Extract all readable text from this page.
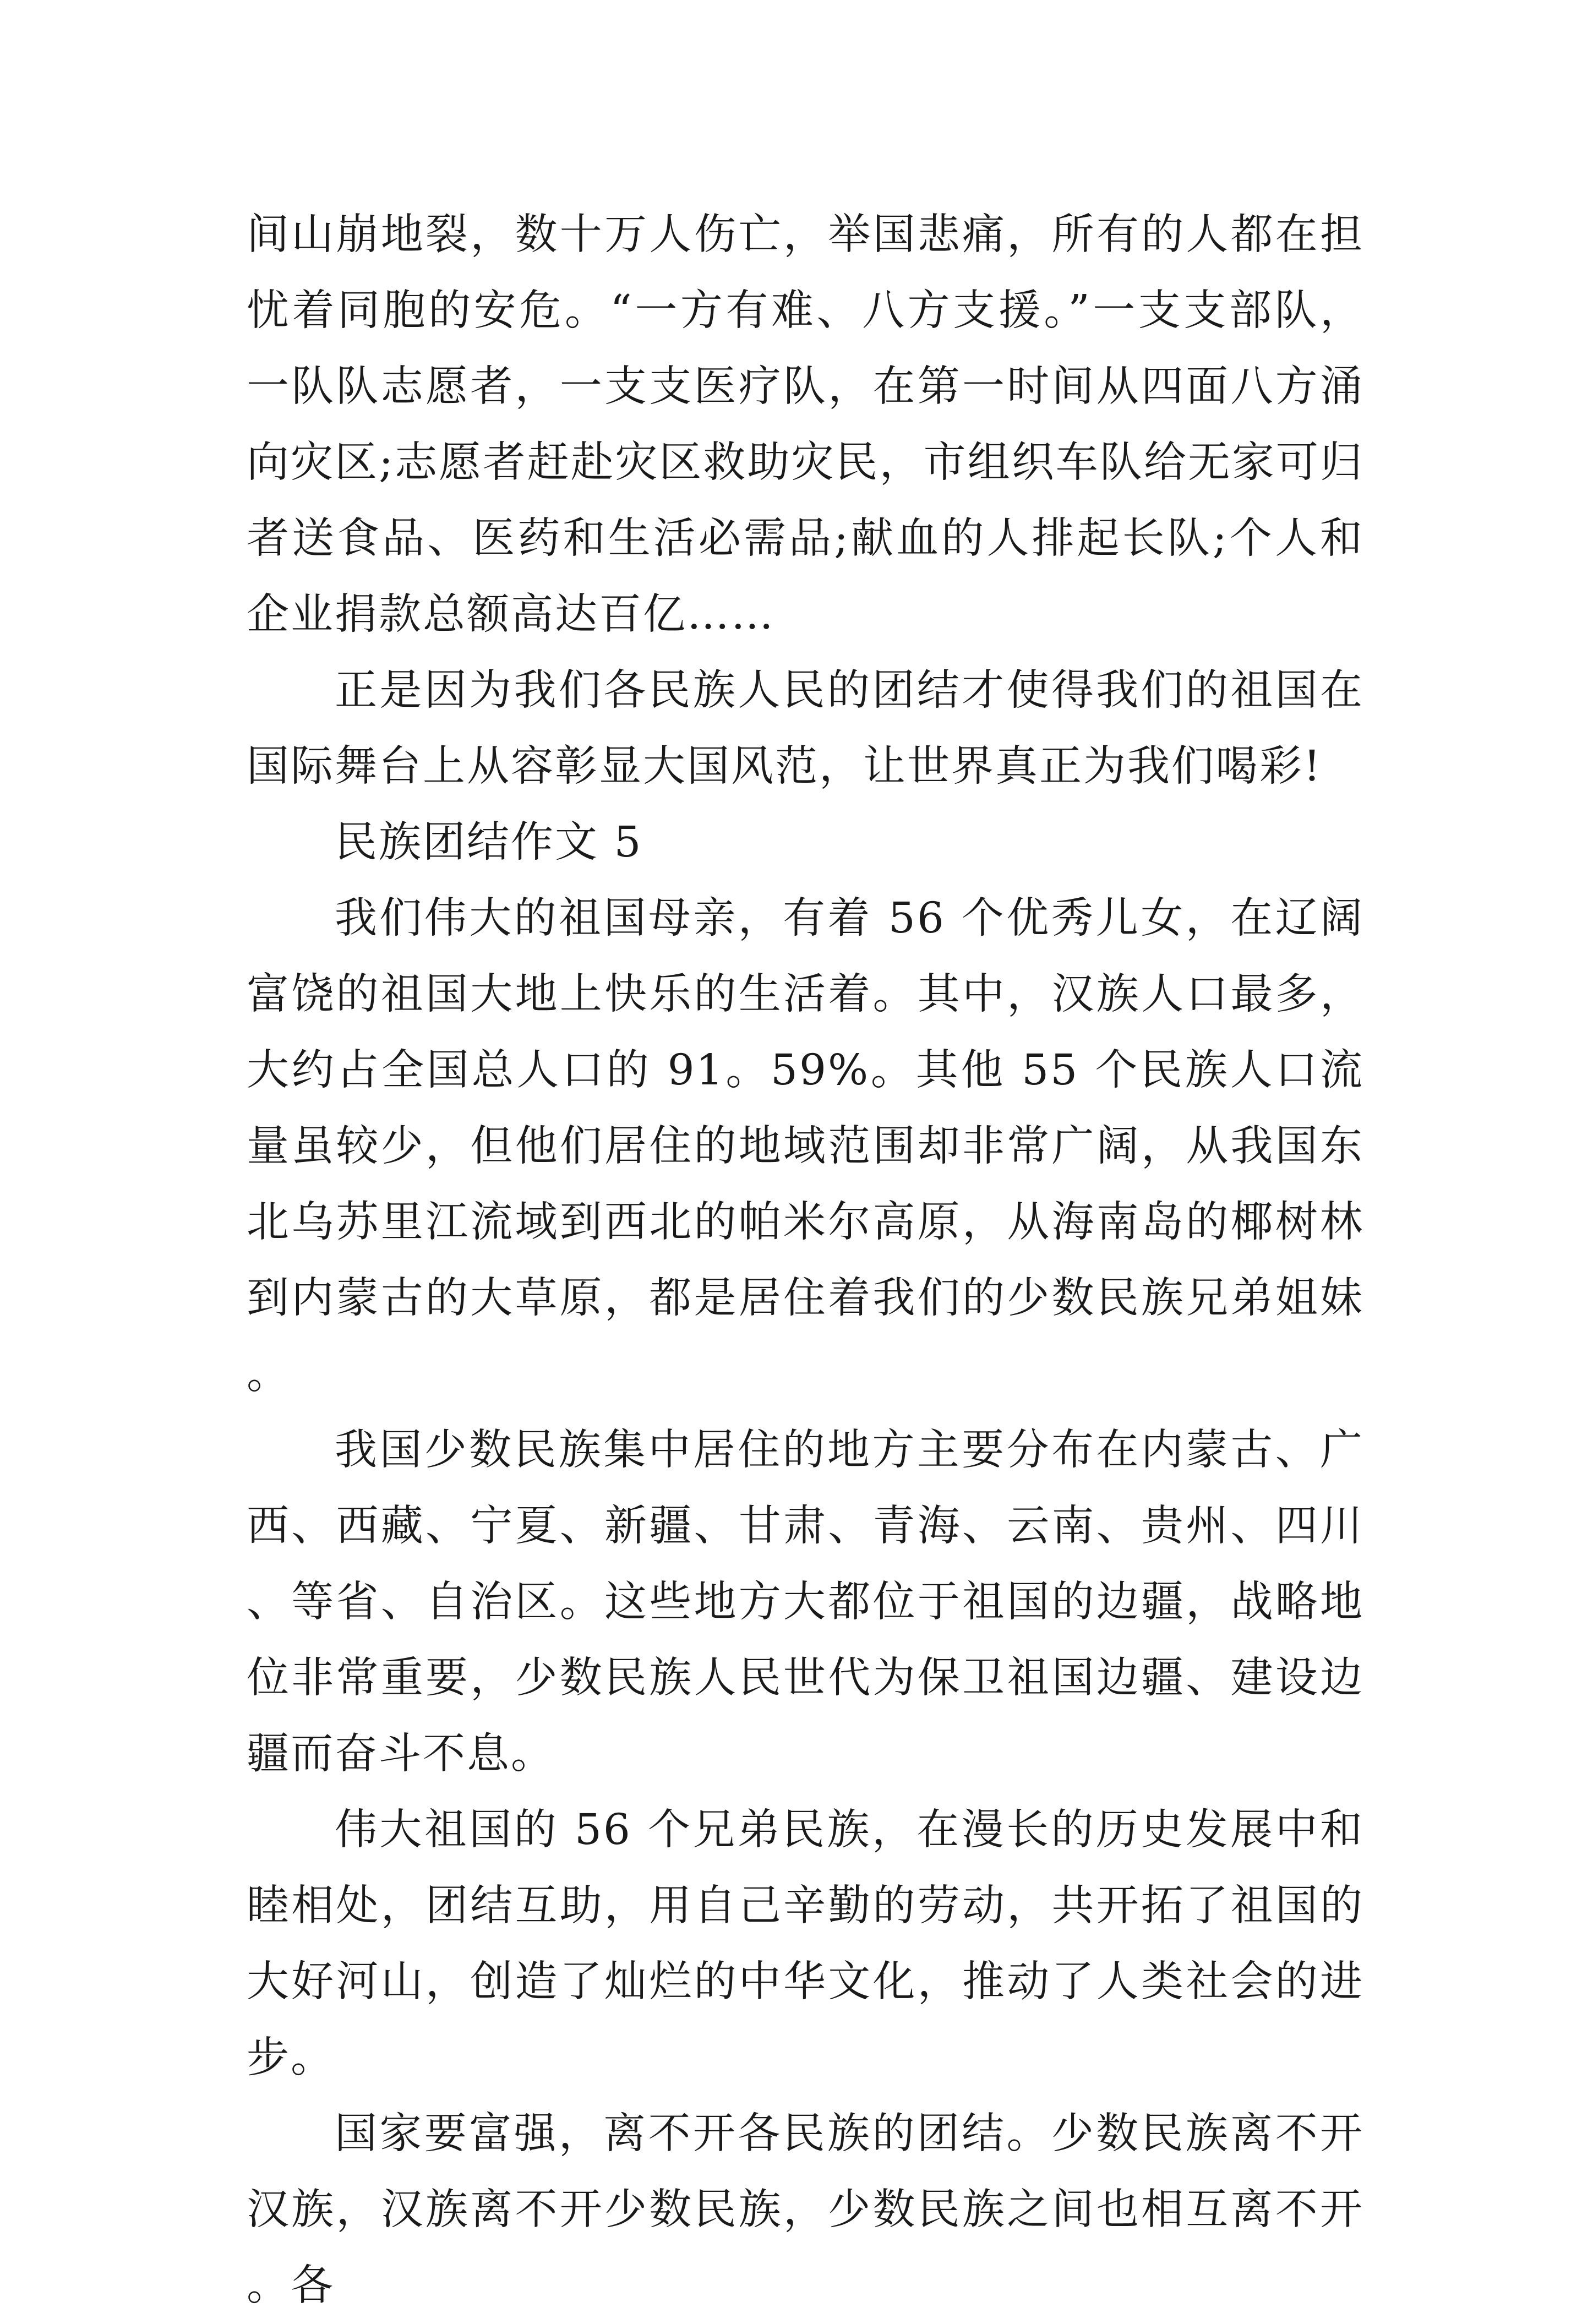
间山崩地裂，数十万人伤亡，举国悲痛，所有的人都在担忧着同胞的安危。“一方有难、八方支援。”一支支部队，一队队志愿者，一支支医疗队，在第一时间从四面八方涌向灾区;志愿者赶赴灾区救助灾民，市组织车队给无家可归者送食品、医药和生活必需品;献血的人排起长队;个人和企业捐款总额高达百亿……

正是因为我们各民族人民的团结才使得我们的祖国在国际舞台上从容彰显大国风范，让世界真正为我们喝彩!

民族团结作文 5

我们伟大的祖国母亲，有着 56 个优秀儿女，在辽阔富饶的祖国大地上快乐的生活着。其中，汉族人口最多，大约占全国总人口的 91。59%。其他 55 个民族人口流量虽较少，但他们居住的地域范围却非常广阔，从我国东北乌苏里江流域到西北的帕米尔高原，从海南岛的椰树林到内蒙古的大草原，都是居住着我们的少数民族兄弟姐妹。

我国少数民族集中居住的地方主要分布在内蒙古、广西、西藏、宁夏、新疆、甘肃、青海、云南、贵州、四川、等省、自治区。这些地方大都位于祖国的边疆，战略地位非常重要，少数民族人民世代为保卫祖国边疆、建设边疆而奋斗不息。

伟大祖国的 56 个兄弟民族，在漫长的历史发展中和睦相处，团结互助，用自己辛勤的劳动，共开拓了祖国的大好河山，创造了灿烂的中华文化，推动了人类社会的进步。

国家要富强，离不开各民族的团结。少数民族离不开汉族，汉族离不开少数民族，少数民族之间也相互离不开。各
